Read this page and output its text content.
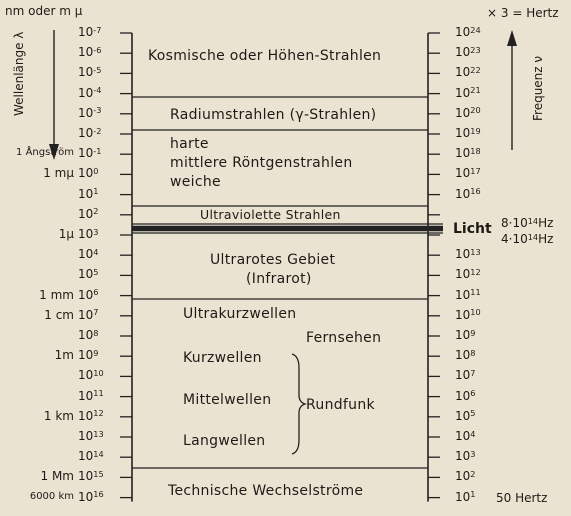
$10^{-7}$
$10^{-6}$
$10^{-5}$
$10^{-4}$
$10^{-3}$
$10^{-2}$
$10^{-1}$
$10^0$
$10^1$
$10^2$
$10^3$
$10^4$
$10^5$
$10^6$
$10^7$
$10^8$
$10^9$
$10^{10}$
$10^{11}$
$10^{12}$
$10^{13}$
$10^{14}$
$10^{15}$
$10^{16}$
1 Ångström
1 mμ
1μ
1 mm
1 cm
1m
1 km
1 Mm
6000 km
$10^{24}$
$10^{23}$
$10^{22}$
$10^{21}$
$10^{20}$
$10^{19}$
$10^{18}$
$10^{17}$
$10^{16}$
$10^{13}$
$10^{12}$
$10^{11}$
$10^{10}$
$10^9$
$10^8$
$10^7$
$10^6$
$10^5$
$10^4$
$10^3$
$10^2$
$10^1$
nm oder m μ	× 3 = Hertz
Wellenlänge λ	Frequenz ν
Kosmische oder Höhen-Strahlen
Radiumstrahlen (γ-Strahlen)
harte
mittlere Röntgenstrahlen
weiche
Ultraviolette Strahlen
Ultrarotes Gebiet
(Infrarot)
Ultrakurzwellen
Fernsehen
Kurzwellen
Mittelwellen
Langwellen
Rundfunk
Technische Wechselströme
Licht $8\cdot 10^{14}Hz$
$4\cdot 10^{14}Hz$
50 Hertz
